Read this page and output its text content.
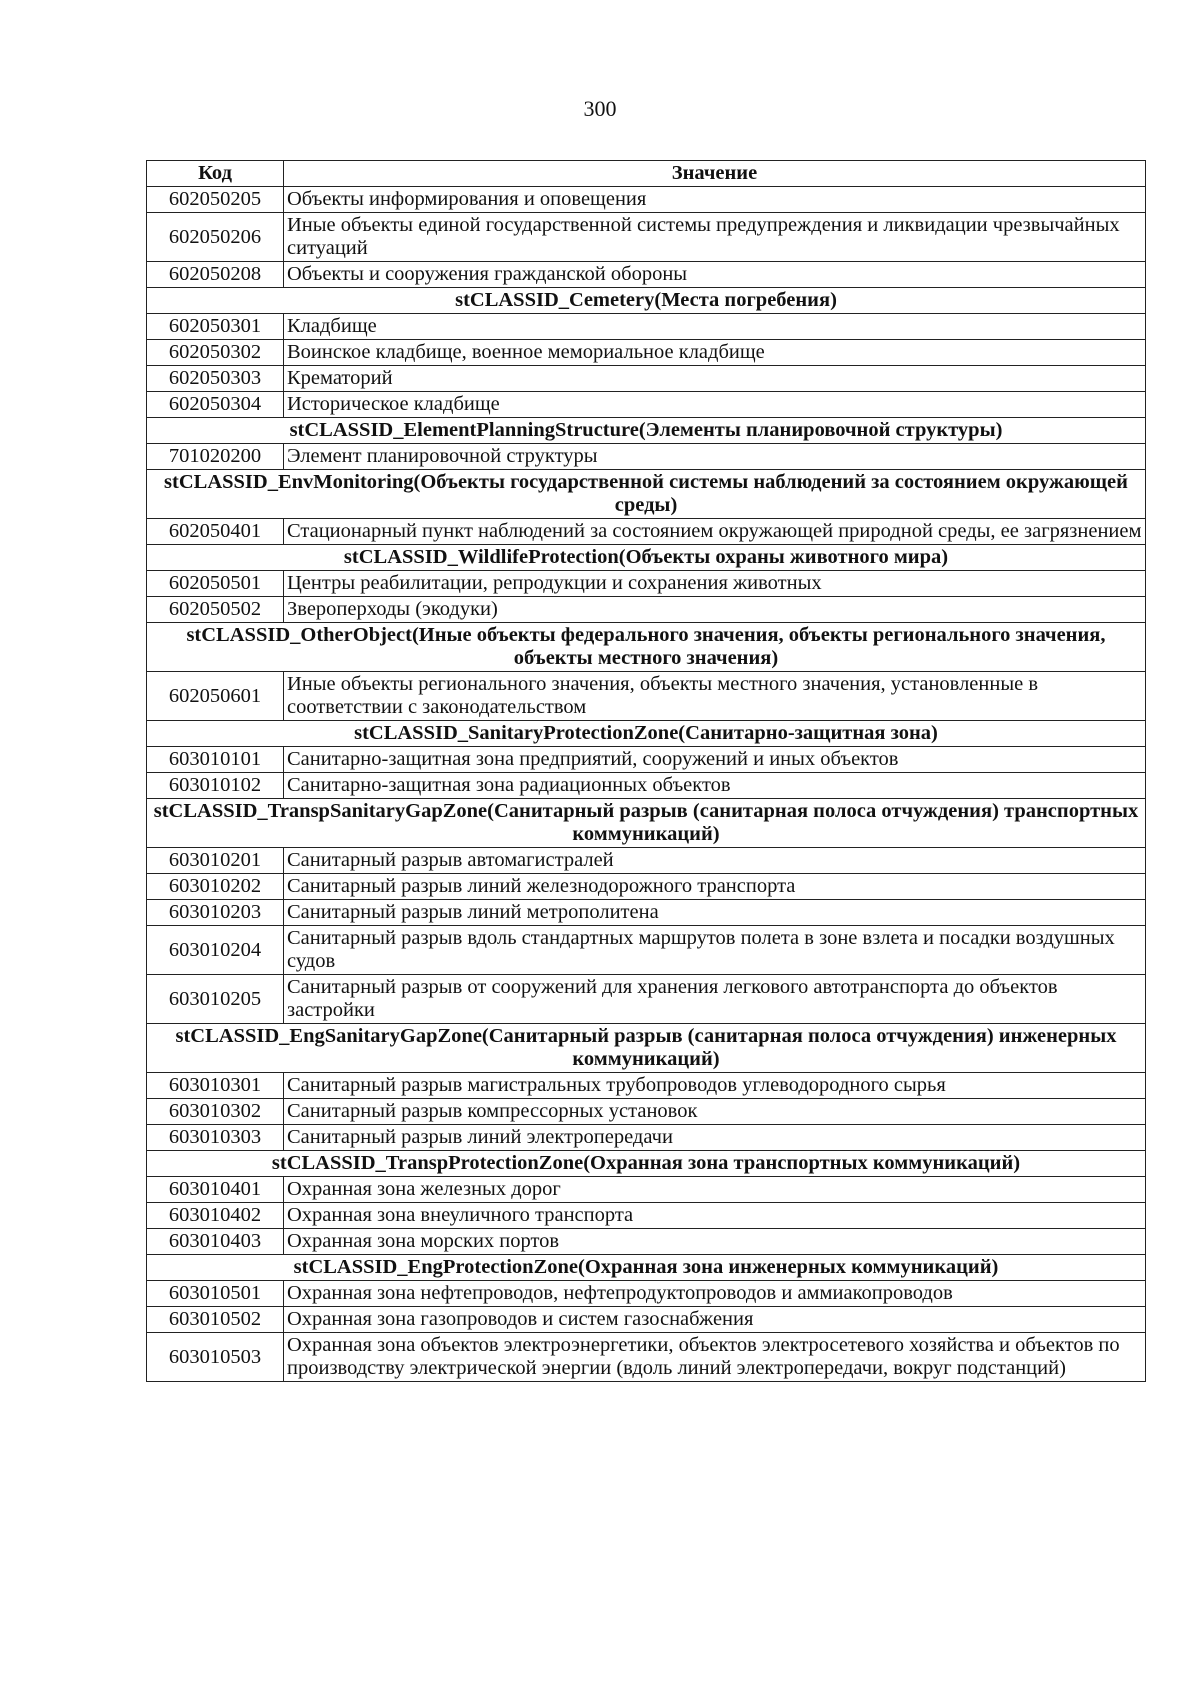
300
Код	Значение
602050205	Объекты информирования и оповещения
602050206	Иные объекты единой государственной системы предупреждения и ликвидации чрезвычайных ситуаций
602050208	Объекты и сооружения гражданской обороны
stCLASSID_Cemetery(Места погребения)	
602050301	Кладбище
602050302	Воинское кладбище, военное мемориальное кладбище
602050303	Крематорий
602050304	Историческое кладбище
stCLASSID_ElementPlanningStructure(Элементы планировочной структуры)	
701020200	Элемент планировочной структуры
stCLASSID_EnvMonitoring(Объекты государственной системы наблюдений за состоянием окружающей среды)	
602050401	Стационарный пункт наблюдений за состоянием окружающей природной среды, ее загрязнением
stCLASSID_WildlifeProtection(Объекты охраны животного мира)	
602050501	Центры реабилитации, репродукции и сохранения животных
602050502	Звероперходы (экодуки)
stCLASSID_OtherObject(Иные объекты федерального значения, объекты регионального значения, объекты местного значения)	
602050601	Иные объекты регионального значения, объекты местного значения, установленные в соответствии с законодательством
stCLASSID_SanitaryProtectionZone(Санитарно-защитная зона)	
603010101	Санитарно-защитная зона предприятий, сооружений и иных объектов
603010102	Санитарно-защитная зона радиационных объектов
stCLASSID_TranspSanitaryGapZone(Санитарный разрыв (санитарная полоса отчуждения) транспортных коммуникаций)	
603010201	Санитарный разрыв автомагистралей
603010202	Санитарный разрыв линий железнодорожного транспорта
603010203	Санитарный разрыв линий метрополитена
603010204	Санитарный разрыв вдоль стандартных маршрутов полета в зоне взлета и посадки воздушных судов
603010205	Санитарный разрыв от сооружений для хранения легкового автотранспорта до объектов застройки
stCLASSID_EngSanitaryGapZone(Санитарный разрыв (санитарная полоса отчуждения) инженерных коммуникаций)	
603010301	Санитарный разрыв магистральных трубопроводов углеводородного сырья
603010302	Санитарный разрыв компрессорных установок
603010303	Санитарный разрыв линий электропередачи
stCLASSID_TranspProtectionZone(Охранная зона транспортных коммуникаций)	
603010401	Охранная зона железных дорог
603010402	Охранная зона внеуличного транспорта
603010403	Охранная зона морских портов
stCLASSID_EngProtectionZone(Охранная зона инженерных коммуникаций)	
603010501	Охранная зона нефтепроводов, нефтепродуктопроводов и аммиакопроводов
603010502	Охранная зона газопроводов и систем газоснабжения
603010503	Охранная зона объектов электроэнергетики, объектов электросетевого хозяйства и объектов по производству электрической энергии (вдоль линий электропередачи, вокруг подстанций)
